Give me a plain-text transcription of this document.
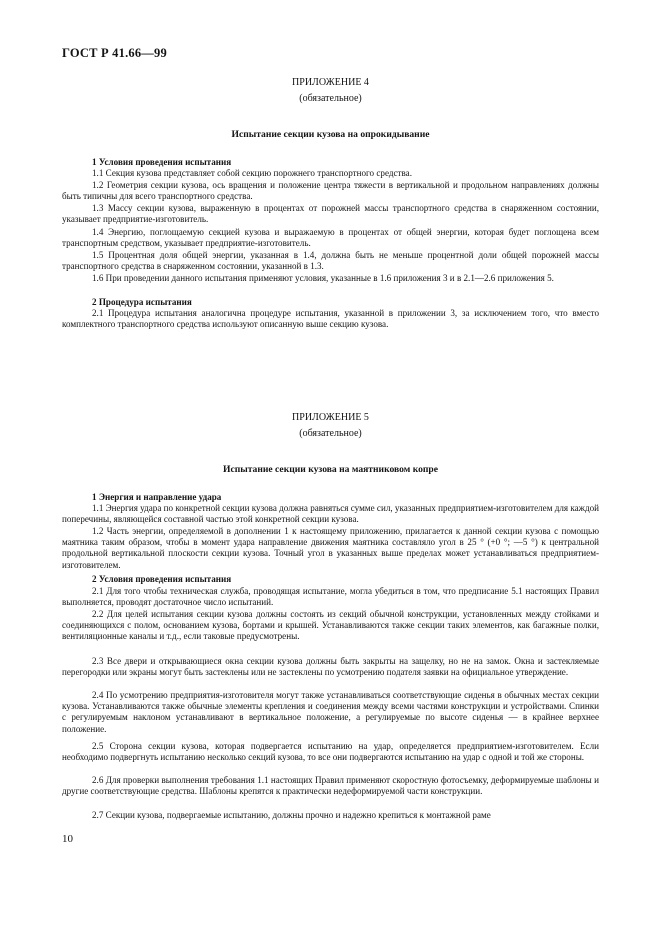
ГОСТ Р 41.66—99
ПРИЛОЖЕНИЕ 4
(обязательное)
Испытание секции кузова на опрокидывание
1 Условия проведения испытания

1.1 Секция кузова представляет собой секцию порожнего транспортного средства.

1.2 Геометрия секции кузова, ось вращения и положение центра тяжести в вертикальной и продольном направлениях должны быть типичны для всего транспортного средства.

1.3 Массу секции кузова, выраженную в процентах от порожней массы транспортного средства в снаряженном состоянии, указывает предприятие-изготовитель.

1.4 Энергию, поглощаемую секцией кузова и выражаемую в процентах от общей энергии, которая будет поглощена всем транспортным средством, указывает предприятие-изготовитель.

1.5 Процентная доля общей энергии, указанная в 1.4, должна быть не меньше процентной доли общей порожней массы транспортного средства в снаряженном состоянии, указанной в 1.3.

1.6 При проведении данного испытания применяют условия, указанные в 1.6 приложения 3 и в 2.1—2.6 приложения 5.

2 Процедура испытания

2.1 Процедура испытания аналогична процедуре испытания, указанной в приложении 3, за исключением того, что вместо комплектного транспортного средства используют описанную выше секцию кузова.

ПРИЛОЖЕНИЕ 5
(обязательное)
Испытание секции кузова на маятниковом копре
1 Энергия и направление удара

1.1 Энергия удара по конкретной секции кузова должна равняться сумме сил, указанных предприятием-изготовителем для каждой поперечины, являющейся составной частью этой конкретной секции кузова.

1.2 Часть энергии, определяемой в дополнении 1 к настоящему приложению, прилагается к данной секции кузова с помощью маятника таким образом, чтобы в момент удара направление движения маятника составляло угол в 25 ° (+0 °; —5 °) к центральной продольной вертикальной плоскости секции кузова. Точный угол в указанных выше пределах может устанавливаться предприятием-изготовителем.

2 Условия проведения испытания

2.1 Для того чтобы техническая служба, проводящая испытание, могла убедиться в том, что предписание 5.1 настоящих Правил выполняется, проводят достаточное число испытаний.

2.2 Для целей испытания секции кузова должны состоять из секций обычной конструкции, установленных между стойками и соединяющихся с полом, основанием кузова, бортами и крышей. Устанавливаются также секции таких элементов, как багажные полки, вентиляционные каналы и т.д., если таковые предусмотрены.

2.3 Все двери и открывающиеся окна секции кузова должны быть закрыты на защелку, но не на замок. Окна и застекляемые перегородки или экраны могут быть застеклены или не застеклены по усмотрению подателя заявки на официальное утверждение.

2.4 По усмотрению предприятия-изготовителя могут также устанавливаться соответствующие сиденья в обычных местах секции кузова. Устанавливаются также обычные элементы крепления и соединения между всеми частями конструкции и устройствами. Спинки с регулируемым наклоном устанавливают в вертикальное положение, а регулируемые по высоте сиденья — в крайнее верхнее положение.

2.5 Сторона секции кузова, которая подвергается испытанию на удар, определяется предприятием-изготовителем. Если необходимо подвергнуть испытанию несколько секций кузова, то все они подвергаются испытанию на удар с одной и той же стороны.

2.6 Для проверки выполнения требования 1.1 настоящих Правил применяют скоростную фотосъемку, деформируемые шаблоны и другие соответствующие средства. Шаблоны крепятся к практически недеформируемой части конструкции.

2.7 Секции кузова, подвергаемые испытанию, должны прочно и надежно крепиться к монтажной раме

10
